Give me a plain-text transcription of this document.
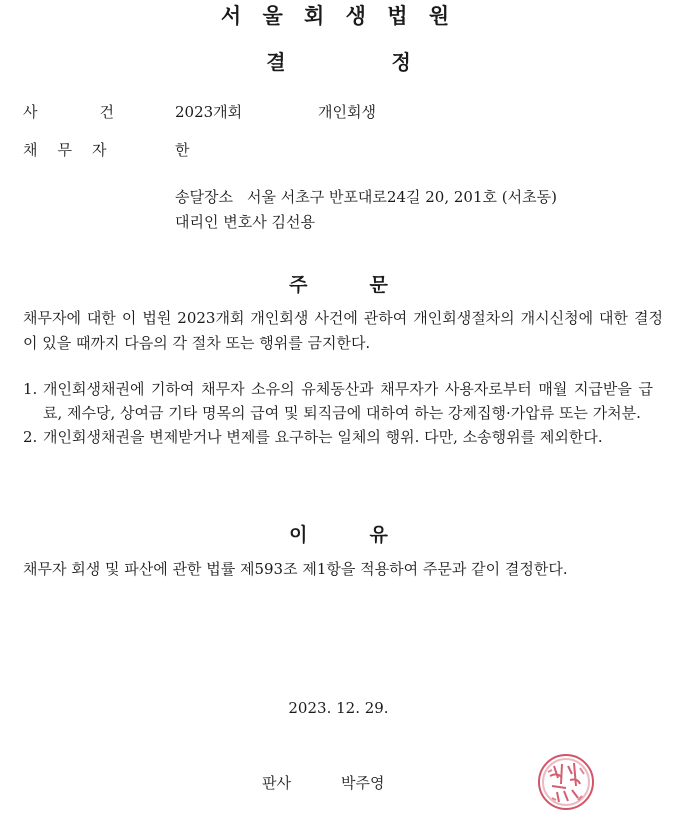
서 울 회 생 법 원
결	정
사	건	2023개회	개인회생
채 무 자	한
송달장소 서울 서초구 반포대로24길 20, 201호 (서초동)
대리인 변호사 김선용
주	문
채무자에 대한 이 법원 2023개회 개인회생 사건에 관하여 개인회생절차의 개시신청에 대한 결정이 있을 때까지 다음의 각 절차 또는 행위를 금지한다.
1. 개인회생채권에 기하여 채무자 소유의 유체동산과 채무자가 사용자로부터 매월 지급받을 급료, 제수당, 상여금 기타 명목의 급여 및 퇴직금에 대하여 하는 강제집행·가압류 또는 가처분.
2. 개인회생채권을 변제받거나 변제를 요구하는 일체의 행위. 다만, 소송행위를 제외한다.
이	유
채무자 회생 및 파산에 관한 법률 제593조 제1항을 적용하여 주문과 같이 결정한다.
2023. 12. 29.
판사	박주영
